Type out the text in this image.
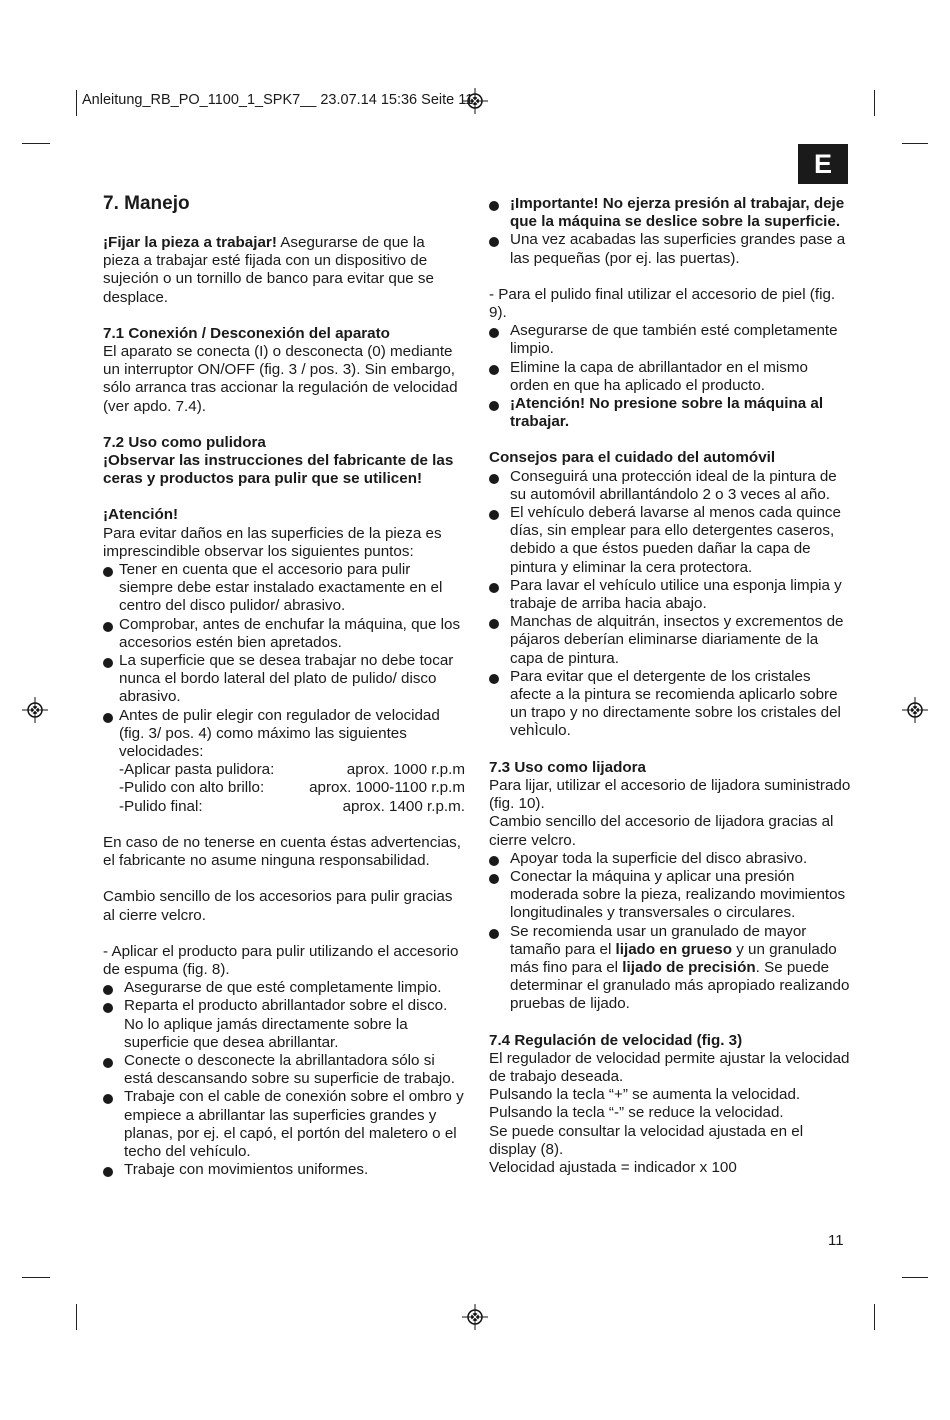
Anleitung_RB_PO_1100_1_SPK7__ 23.07.14 15:36 Seite 11
E
7. Manejo

¡Fijar la pieza a trabajar! Asegurarse de que la pieza a trabajar esté fijada con un dispositivo de sujeción o un tornillo de banco para evitar que se desplace.

7.1 Conexión / Desconexión del aparato

El aparato se conecta (I) o desconecta (0) mediante un interruptor ON/OFF (fig. 3 / pos. 3). Sin embargo, sólo arranca tras accionar la regulación de velocidad (ver apdo. 7.4).

7.2 Uso como pulidora

¡Observar las instrucciones del fabricante de las ceras y productos para pulir que se utilicen!

¡Atención!

Para evitar daños en las superficies de la pieza es imprescindible observar los siguientes puntos:

Tener en cuenta que el accesorio para pulir siempre debe estar instalado exactamente en el centro del disco pulidor/ abrasivo.
Comprobar, antes de enchufar la máquina, que los accesorios estén bien apretados.
La superficie que se desea trabajar no debe tocar nunca el bordo lateral del plato de pulido/ disco abrasivo.
Antes de pulir elegir con regulador de velocidad (fig. 3/ pos. 4) como máximo las siguientes velocidades:
-Aplicar pasta pulidora:	aprox. 1000 r.p.m
-Pulido con alto brillo:	aprox. 1000-1100 r.p.m
-Pulido final:	aprox. 1400 r.p.m.

En caso de no tenerse en cuenta éstas advertencias, el fabricante no asume ninguna responsabilidad.

Cambio sencillo de los accesorios para pulir gracias al cierre velcro.

- Aplicar el producto para pulir utilizando el accesorio de espuma (fig. 8).

Asegurarse de que esté completamente limpio.
Reparta el producto abrillantador sobre el disco. No lo aplique jamás directamente sobre la superficie que desea abrillantar.
Conecte o desconecte la abrillantadora sólo si está descansando sobre su superficie de trabajo.
Trabaje con el cable de conexión sobre el ombro y empiece a abrillantar las superficies grandes y planas, por ej. el capó, el portón del maletero o el techo del vehículo.
Trabaje con movimientos uniformes.
¡Importante! No ejerza presión al trabajar, deje que la máquina se deslice sobre la superficie.
Una vez acabadas las superficies grandes pase a las pequeñas (por ej. las puertas).

- Para el pulido final utilizar el accesorio de piel (fig. 9).

Asegurarse de que también esté completamente limpio.
Elimine la capa de abrillantador en el mismo orden en que ha aplicado el producto.
¡Atención! No presione sobre la máquina al trabajar.

Consejos para el cuidado del automóvil

Conseguirá una protección ideal de la pintura de su automóvil abrillantándolo 2 o 3 veces al año.
El vehículo deberá lavarse al menos cada quince días, sin emplear para ello detergentes caseros, debido a que éstos pueden dañar la capa de pintura y eliminar la cera protectora.
Para lavar el vehículo utilice una esponja limpia y trabaje de arriba hacia abajo.
Manchas de alquitrán, insectos y excrementos de pájaros deberían eliminarse diariamente de la capa de pintura.
Para evitar que el detergente de los cristales afecte a la pintura se recomienda aplicarlo sobre un trapo y no directamente sobre los cristales del vehÌculo.

7.3 Uso como lijadora

Para lijar, utilizar el accesorio de lijadora suministrado (fig. 10).

Cambio sencillo del accesorio de lijadora gracias al cierre velcro.

Apoyar toda la superficie del disco abrasivo.
Conectar la máquina y aplicar una presión moderada sobre la pieza, realizando movimientos longitudinales y transversales o circulares.
Se recomienda usar un granulado de mayor tamaño para el lijado en grueso y un granulado más fino para el lijado de precisión. Se puede determinar el granulado más apropiado realizando pruebas de lijado.

7.4 Regulación de velocidad (fig. 3)

El regulador de velocidad permite ajustar la velocidad de trabajo deseada.

Pulsando la tecla “+” se aumenta la velocidad.

Pulsando la tecla “-” se reduce la velocidad.

Se puede consultar la velocidad ajustada en el display (8).

Velocidad ajustada = indicador x 100

11
